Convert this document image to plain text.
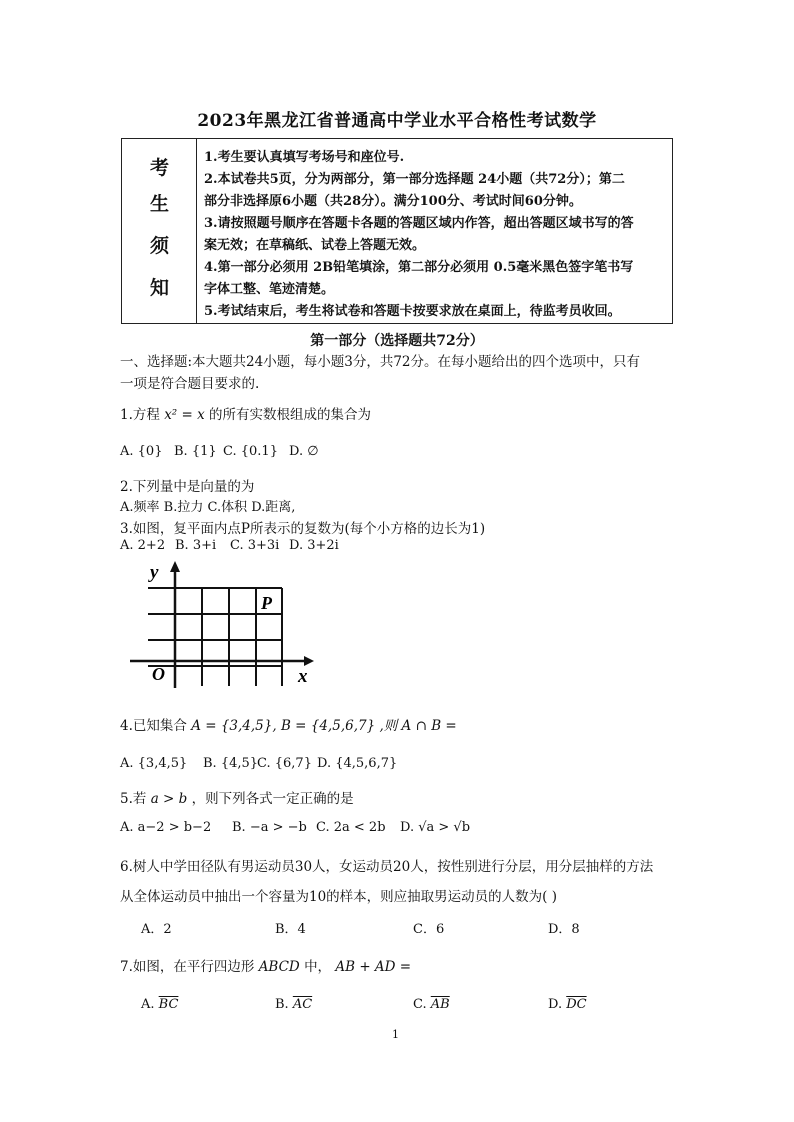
2023年黑龙江省普通高中学业水平合格性考试数学
考
生
须
知
1.考生要认真填写考场号和座位号.
2.本试卷共5页，分为两部分，第一部分选择题 24小题（共72分）；第二
部分非选择原6小题（共28分）。满分100分、考试时间60分钟。
3.请按照题号顺序在答题卡各题的答题区域内作答，超出答题区域书写的答
案无效；在草稿纸、试卷上答题无效。
4.第一部分必须用 2B铅笔填涂，第二部分必须用 0.5毫米黑色签字笔书写
字体工整、笔迹清楚。
5.考试结束后，考生将试卷和答题卡按要求放在桌面上，待监考员收回。
第一部分（选择题共72分）
一、选择题:本大题共24小题，每小题3分，共72分。在每小题给出的四个选项中，只有
一项是符合题目要求的.
1.方程 x² = x 的所有实数根组成的集合为
A. {0} B. {1} C. {0.1} D. ∅
2.下列量中是向量的为
A.频率 B.拉力 C.体积 D.距离,
3.如图，复平面内点P所表示的复数为(每个小方格的边长为1)
A. 2+2 B. 3+i C. 3+3i D. 3+2i
y
x
O
P
4.已知集合 A = {3,4,5}, B = {4,5,6,7} ,则 A ∩ B =
A. {3,4,5} B. {4,5}
C. {6,7} D. {4,5,6,7}
5.若 a > b ，则下列各式一定正确的是
A. a−2 > b−2 B. −a > −b C. 2a < 2b D. √a > √b
6.树人中学田径队有男运动员30人，女运动员20人，按性别进行分层，用分层抽样的方法
从全体运动员中抽出一个容量为10的样本，则应抽取男运动员的人数为( )
A．2	B．4	C．6	D．8
7.如图，在平行四边形 ABCD 中， AB + AD =
A. $\overline{BC}$	B. $\overline{AC}$	C. $\overline{AB}$	D. $\overline{DC}$
1
